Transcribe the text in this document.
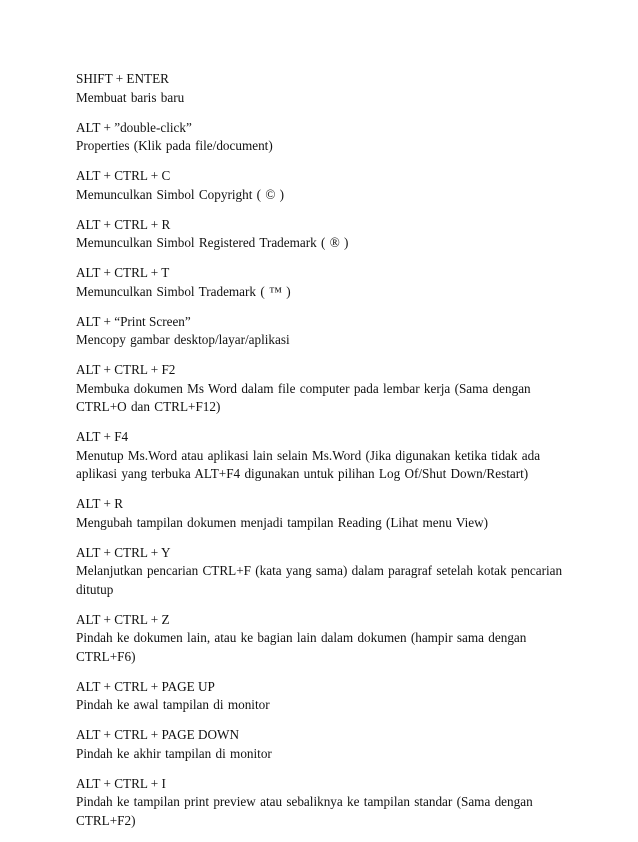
SHIFT + ENTER

Membuat baris baru

ALT + ”double-click”

Properties (Klik pada file/document)

ALT + CTRL + C

Memunculkan Simbol Copyright ( © )

ALT + CTRL + R

Memunculkan Simbol Registered Trademark ( ® )

ALT + CTRL + T

Memunculkan Simbol Trademark ( ™ )

ALT + “Print Screen”

Mencopy gambar desktop/layar/aplikasi

ALT + CTRL + F2

Membuka dokumen Ms Word dalam file computer pada lembar kerja (Sama dengan CTRL+O dan CTRL+F12)

ALT + F4

Menutup Ms.Word atau aplikasi lain selain Ms.Word (Jika digunakan ketika tidak ada aplikasi yang terbuka ALT+F4 digunakan untuk pilihan Log Of/Shut Down/Restart)

ALT + R

Mengubah tampilan dokumen menjadi tampilan Reading (Lihat menu View)

ALT + CTRL + Y

Melanjutkan pencarian CTRL+F (kata yang sama) dalam paragraf setelah kotak pencarian ditutup

ALT + CTRL + Z

Pindah ke dokumen lain, atau ke bagian lain dalam dokumen (hampir sama dengan CTRL+F6)

ALT + CTRL + PAGE UP

Pindah ke awal tampilan di monitor

ALT + CTRL + PAGE DOWN

Pindah ke akhir tampilan di monitor

ALT + CTRL + I

Pindah ke tampilan print preview atau sebaliknya ke tampilan standar (Sama dengan CTRL+F2)
